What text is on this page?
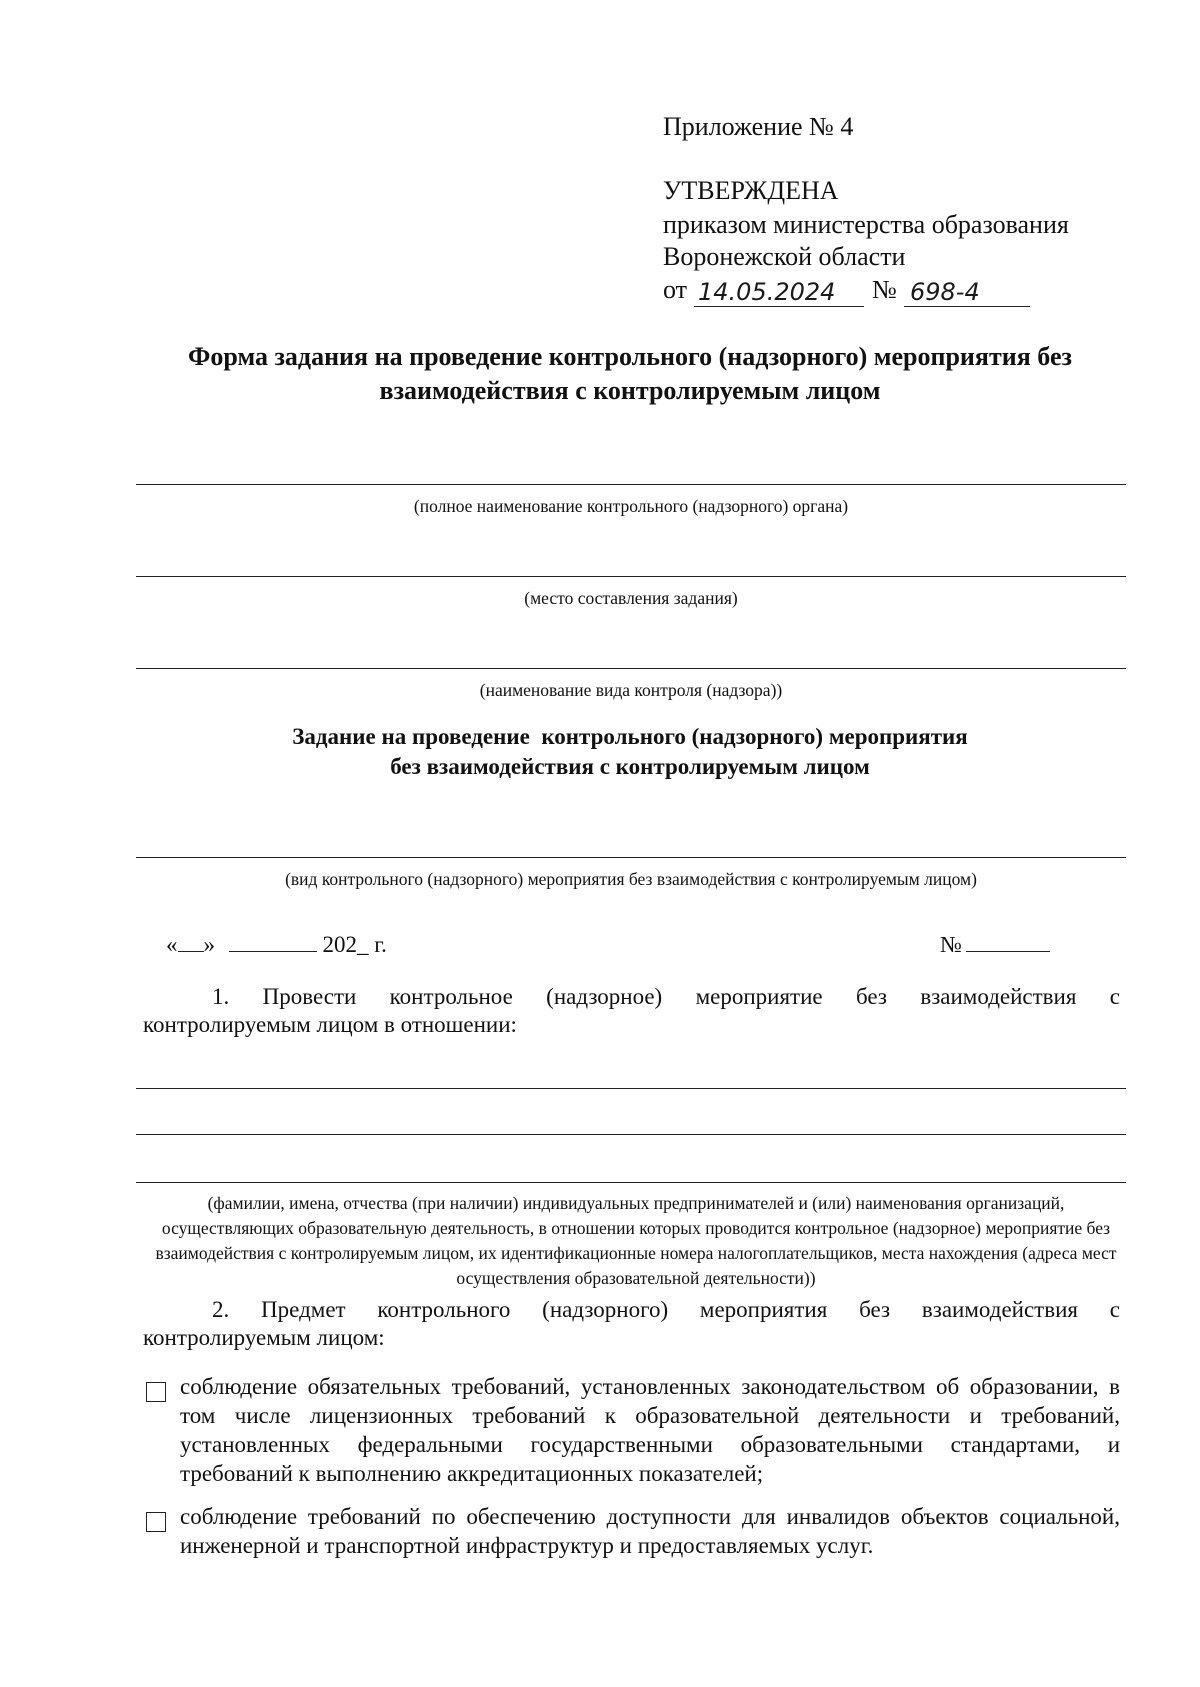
Приложение № 4
УТВЕРЖДЕНА
приказом министерства образования
Воронежской области
от 14.05.2024 № 698-4
Форма задания на проведение контрольного (надзорного) мероприятия без взаимодействия с контролируемым лицом
(полное наименование контрольного (надзорного) органа)
(место составления задания)
(наименование вида контроля (надзора))
Задание на проведение  контрольного (надзорного) мероприятия
без взаимодействия с контролируемым лицом
(вид контрольного (надзорного) мероприятия без взаимодействия с контролируемым лицом)
« »	202_ г.	№
1. Провести контрольное (надзорное) мероприятие без взаимодействия с
контролируемым лицом в отношении:
(фамилии, имена, отчества (при наличии) индивидуальных предпринимателей и (или) наименования организаций, осуществляющих образовательную деятельность, в отношении которых проводится контрольное (надзорное) мероприятие без взаимодействия с контролируемым лицом, их идентификационные номера налогоплательщиков, места нахождения (адреса мест осуществления образовательной деятельности))
2. Предмет контрольного (надзорного) мероприятия без взаимодействия с
контролируемым лицом:
соблюдение обязательных требований, установленных законодательством об образовании, в том числе лицензионных требований к образовательной деятельности и требований, установленных федеральными государственными образовательными стандартами, и требований к выполнению аккредитационных показателей;
соблюдение требований по обеспечению доступности для инвалидов объектов социальной, инженерной и транспортной инфраструктур и предоставляемых услуг.
